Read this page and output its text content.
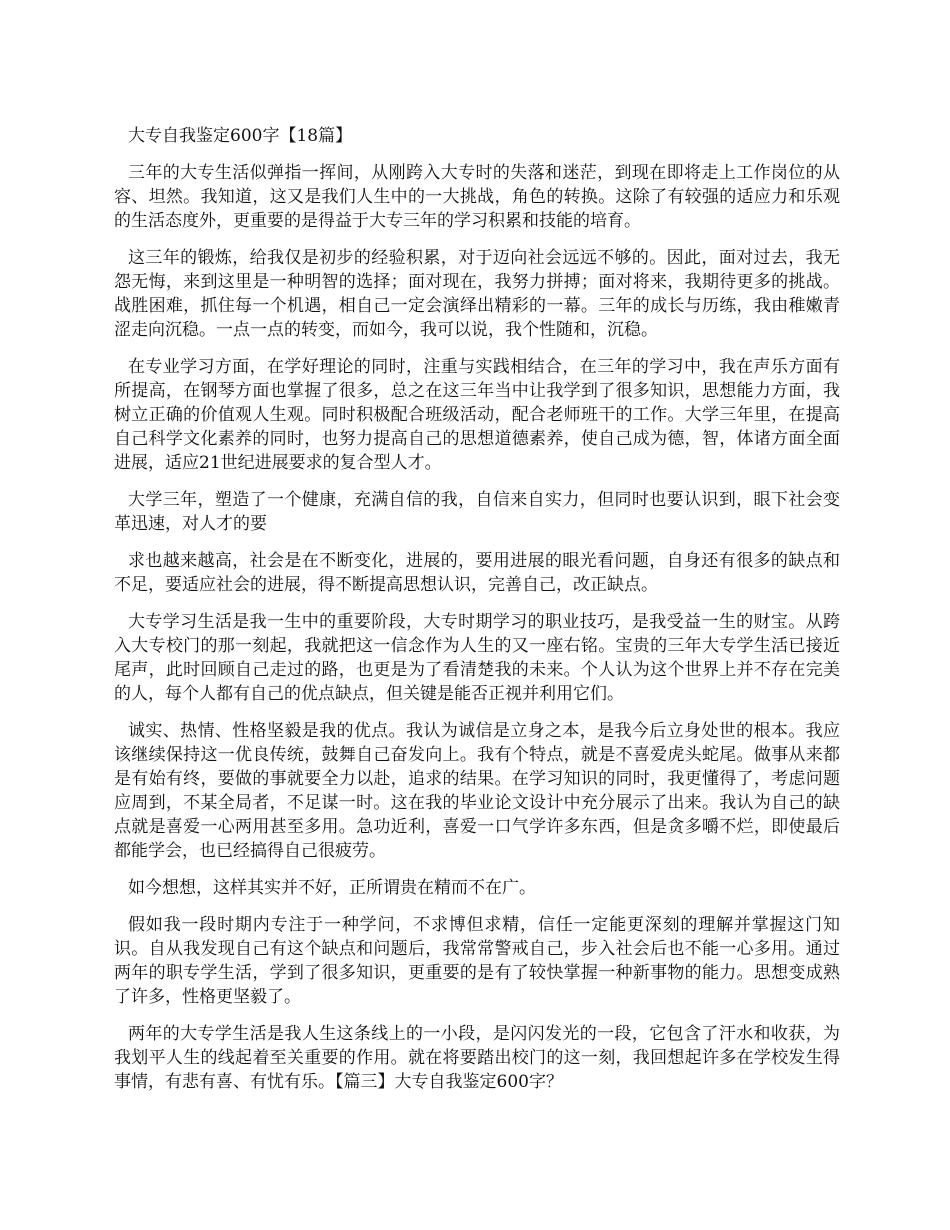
大专自我鉴定600字【18篇】

三年的大专生活似弹指一挥间，从刚跨入大专时的失落和迷茫，到现在即将走上工作岗位的从容、坦然。我知道，这又是我们人生中的一大挑战，角色的转换。这除了有较强的适应力和乐观的生活态度外，更重要的是得益于大专三年的学习积累和技能的培育。

这三年的锻炼，给我仅是初步的经验积累，对于迈向社会远远不够的。因此，面对过去，我无怨无悔，来到这里是一种明智的选择；面对现在，我努力拼搏；面对将来，我期待更多的挑战。战胜困难，抓住每一个机遇，相自己一定会演绎出精彩的一幕。三年的成长与历练，我由稚嫩青涩走向沉稳。一点一点的转变，而如今，我可以说，我个性随和，沉稳。

在专业学习方面，在学好理论的同时，注重与实践相结合，在三年的学习中，我在声乐方面有所提高，在钢琴方面也掌握了很多，总之在这三年当中让我学到了很多知识，思想能力方面，我树立正确的价值观人生观。同时积极配合班级活动，配合老师班干的工作。大学三年里，在提高自己科学文化素养的同时，也努力提高自己的思想道德素养，使自己成为德，智，体诸方面全面进展，适应21世纪进展要求的复合型人才。

大学三年，塑造了一个健康，充满自信的我，自信来自实力，但同时也要认识到，眼下社会变革迅速，对人才的要

求也越来越高，社会是在不断变化，进展的，要用进展的眼光看问题，自身还有很多的缺点和不足，要适应社会的进展，得不断提高思想认识，完善自己，改正缺点。

大专学习生活是我一生中的重要阶段，大专时期学习的职业技巧，是我受益一生的财宝。从跨入大专校门的那一刻起，我就把这一信念作为人生的又一座右铭。宝贵的三年大专学生活已接近尾声，此时回顾自己走过的路，也更是为了看清楚我的未来。个人认为这个世界上并不存在完美的人，每个人都有自己的优点缺点，但关键是能否正视并利用它们。

诚实、热情、性格坚毅是我的优点。我认为诚信是立身之本，是我今后立身处世的根本。我应该继续保持这一优良传统，鼓舞自己奋发向上。我有个特点，就是不喜爱虎头蛇尾。做事从来都是有始有终，要做的事就要全力以赴，追求的结果。在学习知识的同时，我更懂得了，考虑问题应周到，不某全局者，不足谋一时。这在我的毕业论文设计中充分展示了出来。我认为自己的缺点就是喜爱一心两用甚至多用。急功近利，喜爱一口气学许多东西，但是贪多嚼不烂，即使最后都能学会，也已经搞得自己很疲劳。

如今想想，这样其实并不好，正所谓贵在精而不在广。

假如我一段时期内专注于一种学问，不求博但求精，信任一定能更深刻的理解并掌握这门知识。自从我发现自己有这个缺点和问题后，我常常警戒自己，步入社会后也不能一心多用。通过两年的职专学生活，学到了很多知识，更重要的是有了较快掌握一种新事物的能力。思想变成熟了许多，性格更坚毅了。

两年的大专学生活是我人生这条线上的一小段，是闪闪发光的一段，它包含了汗水和收获，为我划平人生的线起着至关重要的作用。就在将要踏出校门的这一刻，我回想起许多在学校发生得事情，有悲有喜、有忧有乐。【篇三】大专自我鉴定600字？
